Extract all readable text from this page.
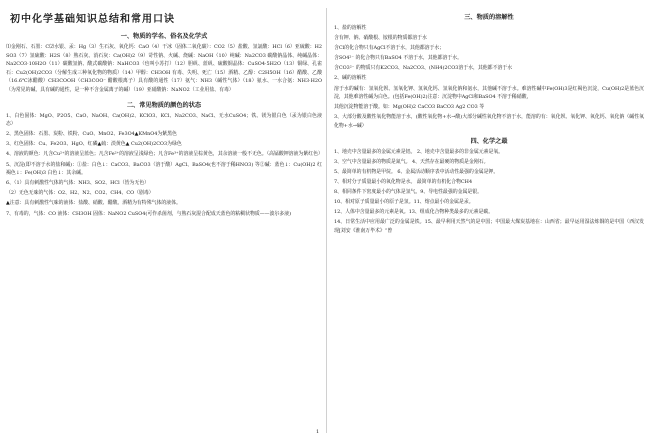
初中化学基础知识总结和常用口诀
一、物质的学名、俗名及化学式
⑴金刚石、石墨：C⑵水银、汞：Hg（3）生石灰、氧化钙：CaO（4）干冰（固体二氧化碳）：CO2（5）盐酸、氢氯酸：HCl（6）亚硫酸：H2SO3（7）氢硫酸：H2S（8）熟石灰、消石灰：Ca(OH)2（9）苛性钠、火碱、烧碱：NaOH（10）纯碱：Na2CO3 碳酸钠晶体、纯碱晶体：Na2CO3·10H2O（11）碳酸氢钠、酸式碳酸钠：NaHCO3（也叫小苏打）（12）胆矾、蓝矾、硫酸铜晶体：CuSO4·5H2O（13）铜绿、孔雀石：Cu2(OH)2CO3（分解生成三种氧化物的物质）（14）甲醇：CH3OH 有毒、失明、死亡（15）酒精、乙醇：C2H5OH（16）醋酸、乙酸（16.6℃冰醋酸）CH3COOH（CH3COO⁻ 醋酸根离子）具有酸的通性（17）氨气：NH3（碱性气体）（18）氨水、一水合氨：NH3·H2O（为常见的碱，具有碱的通性，是一种不含金属离子的碱）（19）亚硝酸钠：NaNO2（工业用盐、有毒）
二、常见物质的颜色的状态
1、白色固体：MgO、P2O5、CaO、NaOH、Ca(OH)2、KClO3、KCl、Na2CO3、NaCl、无水CuSO4；铁、镁为银白色（汞为银白色液态）
2、黑色固体：石墨、炭粉、铁粉、CuO、MnO2、Fe3O4▲KMnO4为紫黑色
3、红色固体：Cu、Fe2O3、HgO、红磷▲硫：淡黄色▲ Cu2(OH)2CO3为绿色
4、溶液的颜色：凡含Cu²⁺的溶液呈蓝色；凡含Fe²⁺的溶液呈浅绿色；凡含Fe³⁺的溶液呈棕黄色，其余溶液一般不无色。（高锰酸钾溶液为紫红色）
5、沉淀(即不溶于水的盐和碱)：①盐：白色↓：CaCO3、BaCO3（溶于酸）AgCl、BaSO4(也不溶于稀HNO3) 等②碱：蓝色↓：Cu(OH)2 红褐色↓：Fe(OH)3 白色↓：其余碱。
6、（1）具有刺激性气体的气体：NH3、SO2、HCl（皆为无色）
（2）无色无味的气体：O2、H2、N2、CO2、CH4、CO（剧毒）
▲注意：具有刺激性气味的液体：盐酸、硝酸、醋酸。酒精为有特殊气体的液体。
7、有毒的，气体：CO 液体：CH3OH 固体：NaNO2 CuSO4(可作杀菌剂，与熟石灰混合配成天蓝色的粘稠状物质——波尔多液)
三、物质的溶解性
1、盐的溶解性
含有钾、钠、硝酸根、铵根的物质都溶于水
含Cl的化合物只有AgCl不溶于水，其他都溶于水；
含SO4²⁻ 的化合物只有BaSO4 不溶于水，其他都溶于水。
含CO3²⁻ 的物质只有K2CO3、Na2CO3、(NH4)2CO3溶于水，其他都不溶于水
2、碱的溶解性
溶于水的碱有：氢氧化钡、氢氧化钾、氢氧化钙、氢氧化钠和氨水，其他碱不溶于水。难溶性碱中Fe(OH)3是红褐色沉淀，Cu(OH)2是蓝色沉淀，其他难溶性碱为白色。(包括Fe(OH)2)注意：沉淀物中AgCl和BaSO4 不溶于稀硝酸，
其他沉淀物能溶于酸。如：Mg(OH)2 CaCO3 BaCO3 Ag2 CO3 等
3、大部分酸及酸性氧化物能溶于水，(酸性氧化物+水→酸)大部分碱性氧化物不溶于水，能溶的有：氧化钡、氧化钾、氧化钙、氧化钠（碱性氧化物+水→碱）
四、化学之最
1、地壳中含量最多的金属元素是铝。 2、地壳中含量最多的非金属元素是氧。
3、空气中含量最多的物质是氮气。 4、天然存在最硬的物质是金刚石。
5、最简单的有机物是甲烷。 6、金属活动顺序表中活动性最强的金属是钾。
7、相对分子质量最小的氧化物是水。 最简单的有机化合物CH4
8、相同条件下密度最小的气体是氢气。9、导电性最强的金属是银。
10、相对原子质量最小的原子是氢。11、熔点最小的金属是汞。
12、人体中含量最多的元素是氧。13、组成化合物种类最多的元素是碳。
14、日常生活中应用最广泛的金属是铁。15、最早利用天然气的是中国；中国最大煤炭基地在：山西省；最早运用湿法炼铜的是中国（西汉发现[刘安《淮南万毕术》“曾
1
